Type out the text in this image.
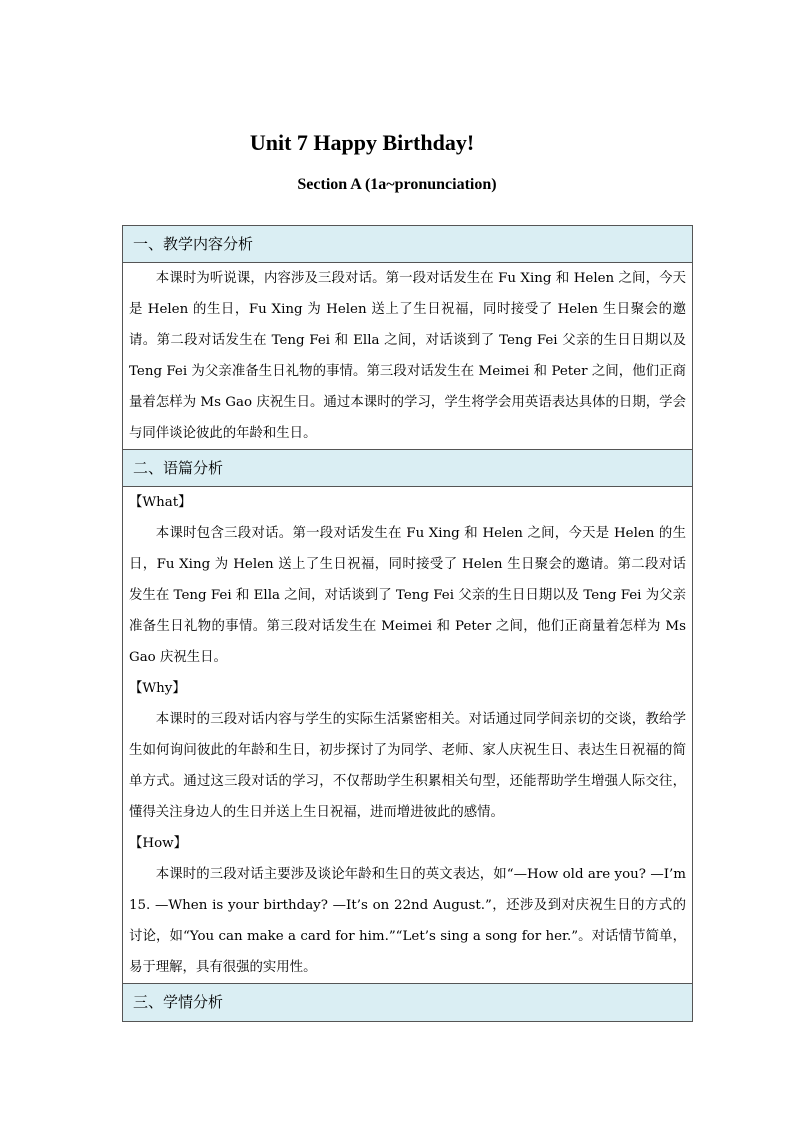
Unit 7 Happy Birthday!
Section A (1a~pronunciation)
一、教学内容分析

本课时为听说课，内容涉及三段对话。第一段对话发生在 Fu Xing 和 Helen 之间，今天是 Helen 的生日，Fu Xing 为 Helen 送上了生日祝福，同时接受了 Helen 生日聚会的邀请。第二段对话发生在 Teng Fei 和 Ella 之间，对话谈到了 Teng Fei 父亲的生日日期以及 Teng Fei 为父亲准备生日礼物的事情。第三段对话发生在 Meimei 和 Peter 之间，他们正商量着怎样为 Ms Gao 庆祝生日。通过本课时的学习，学生将学会用英语表达具体的日期，学会与同伴谈论彼此的年龄和生日。

二、语篇分析

【What】

本课时包含三段对话。第一段对话发生在 Fu Xing 和 Helen 之间，今天是 Helen 的生日，Fu Xing 为 Helen 送上了生日祝福，同时接受了 Helen 生日聚会的邀请。第二段对话发生在 Teng Fei 和 Ella 之间，对话谈到了 Teng Fei 父亲的生日日期以及 Teng Fei 为父亲准备生日礼物的事情。第三段对话发生在 Meimei 和 Peter 之间，他们正商量着怎样为 Ms Gao 庆祝生日。

【Why】

本课时的三段对话内容与学生的实际生活紧密相关。对话通过同学间亲切的交谈，教给学生如何询问彼此的年龄和生日，初步探讨了为同学、老师、家人庆祝生日、表达生日祝福的简单方式。通过这三段对话的学习，不仅帮助学生积累相关句型，还能帮助学生增强人际交往，懂得关注身边人的生日并送上生日祝福，进而增进彼此的感情。

【How】

本课时的三段对话主要涉及谈论年龄和生日的英文表达，如“—How old are you? —I’m 15. —When is your birthday? —It’s on 22nd August.”，还涉及到对庆祝生日的方式的讨论，如“You can make a card for him.”“Let’s sing a song for her.”。对话情节简单，易于理解，具有很强的实用性。

三、学情分析
